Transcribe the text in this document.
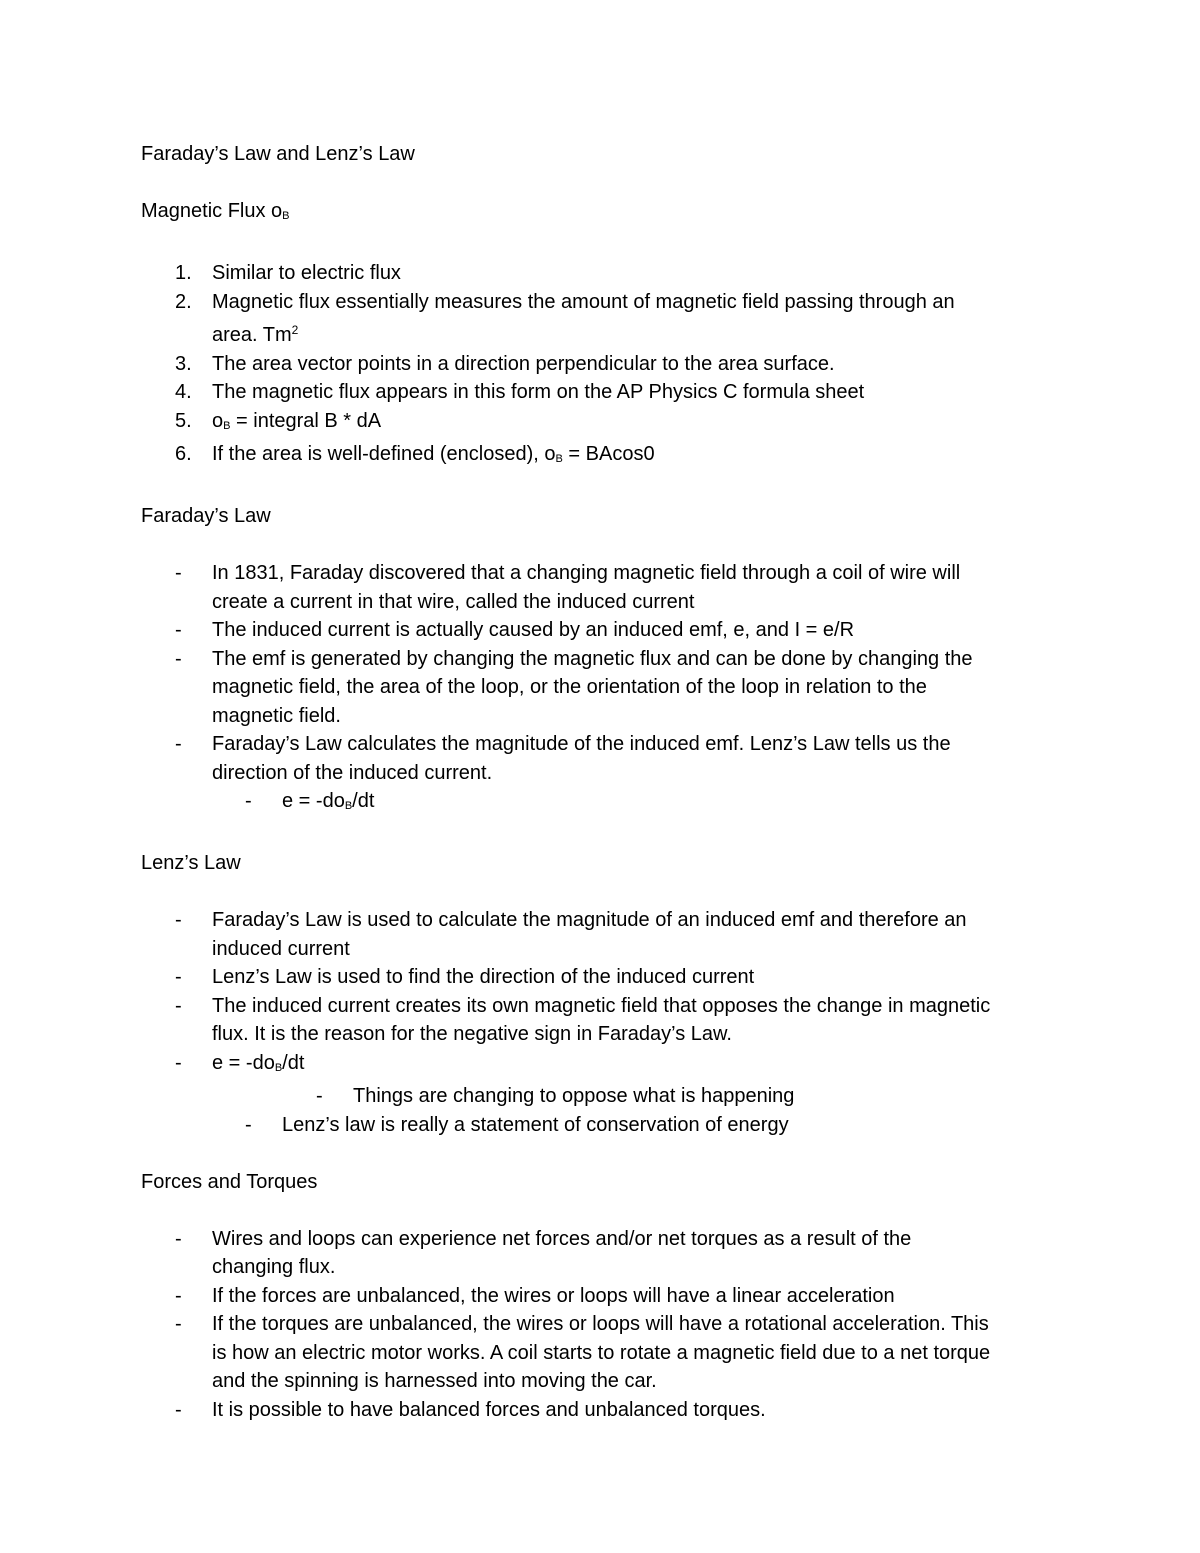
Faraday’s Law and Lenz’s Law
Magnetic Flux oB
1. Similar to electric flux
2. Magnetic flux essentially measures the amount of magnetic field passing through an
area. Tm$^2$
3. The area vector points in a direction perpendicular to the area surface.
4. The magnetic flux appears in this form on the AP Physics C formula sheet
5. oB = integral B * dA
6. If the area is well-defined (enclosed), oB = BAcos0
Faraday’s Law
- In 1831, Faraday discovered that a changing magnetic field through a coil of wire will
create a current in that wire, called the induced current
- The induced current is actually caused by an induced emf, e, and I = e/R
- The emf is generated by changing the magnetic flux and can be done by changing the
magnetic field, the area of the loop, or the orientation of the loop in relation to the
magnetic field.
- Faraday’s Law calculates the magnitude of the induced emf. Lenz’s Law tells us the
direction of the induced current.
- e = -doB/dt
Lenz’s Law
- Faraday’s Law is used to calculate the magnitude of an induced emf and therefore an
induced current
- Lenz’s Law is used to find the direction of the induced current
- The induced current creates its own magnetic field that opposes the change in magnetic
flux. It is the reason for the negative sign in Faraday’s Law.
- e = -doB/dt
- Things are changing to oppose what is happening
- Lenz’s law is really a statement of conservation of energy
Forces and Torques
- Wires and loops can experience net forces and/or net torques as a result of the
changing flux.
- If the forces are unbalanced, the wires or loops will have a linear acceleration
- If the torques are unbalanced, the wires or loops will have a rotational acceleration. This
is how an electric motor works. A coil starts to rotate a magnetic field due to a net torque
and the spinning is harnessed into moving the car.
- It is possible to have balanced forces and unbalanced torques.
